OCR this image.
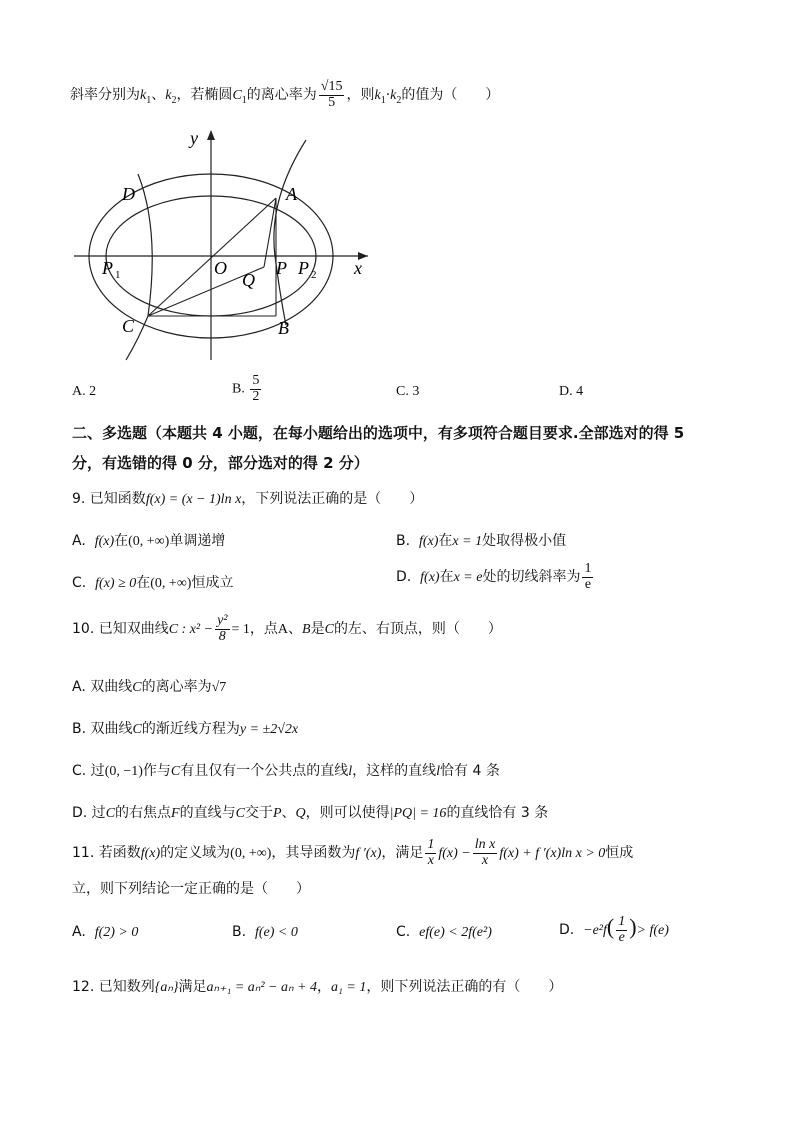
斜率分别为$k_1$、$k_2$，若椭圆$C_1$的离心率为 $\frac{√15}{5}$ ，则$k_1\cdot k_2$的值为（　　）
y
x
D	A
P 1	O
Q
P P 2
C	B
A. 2	B. $\frac{5}{2}$	C. 3	D. 4
二、多选题（本题共 4 小题，在每小题给出的选项中，有多项符合题目要求.全部选对的得 5
分，有选错的得 0 分，部分选对的得 2 分）
9. 已知函数f(x) = (x − 1)ln x，下列说法正确的是（　　）
A. f(x)在(0, +∞)单调递增	B. f(x)在x = 1处取得极小值
C. f(x) ≥ 0在(0, +∞)恒成立	D. f(x)在x = e处的切线斜率为 $\frac{1}{e}$
10. 已知双曲线C : $x^2 - \frac{\text{y²}}{8} = 1$，点A、B是C的左、右顶点，则（　　）
A. 双曲线C的离心率为√7
B. 双曲线C的渐近线方程为y = ±2√2x
C. 过(0, −1)作与C有且仅有一个公共点的直线l，这样的直线l恰有 4 条
D. 过C的右焦点F的直线与C交于P、Q，则可以使得|PQ| = 16的直线恰有 3 条
11. 若函数f(x)的定义域为(0, +∞)，其导函数为f ′(x)，满足 $\frac{1}{x} f(x) - \frac{\text{ln x}}{x} f(x) + f$ ′(x)ln x > 0恒成
立，则下列结论一定正确的是（　　）
A. f(2) > 0	B. f(e) < 0	C. ef(e) < 2f(e²)	D. $-e^2f( \frac{1}{e}$ )> f(e)
12. 已知数列{aₙ}满足aₙ₊₁ = aₙ² − aₙ + 4，a₁ = 1，则下列说法正确的有（　　）
